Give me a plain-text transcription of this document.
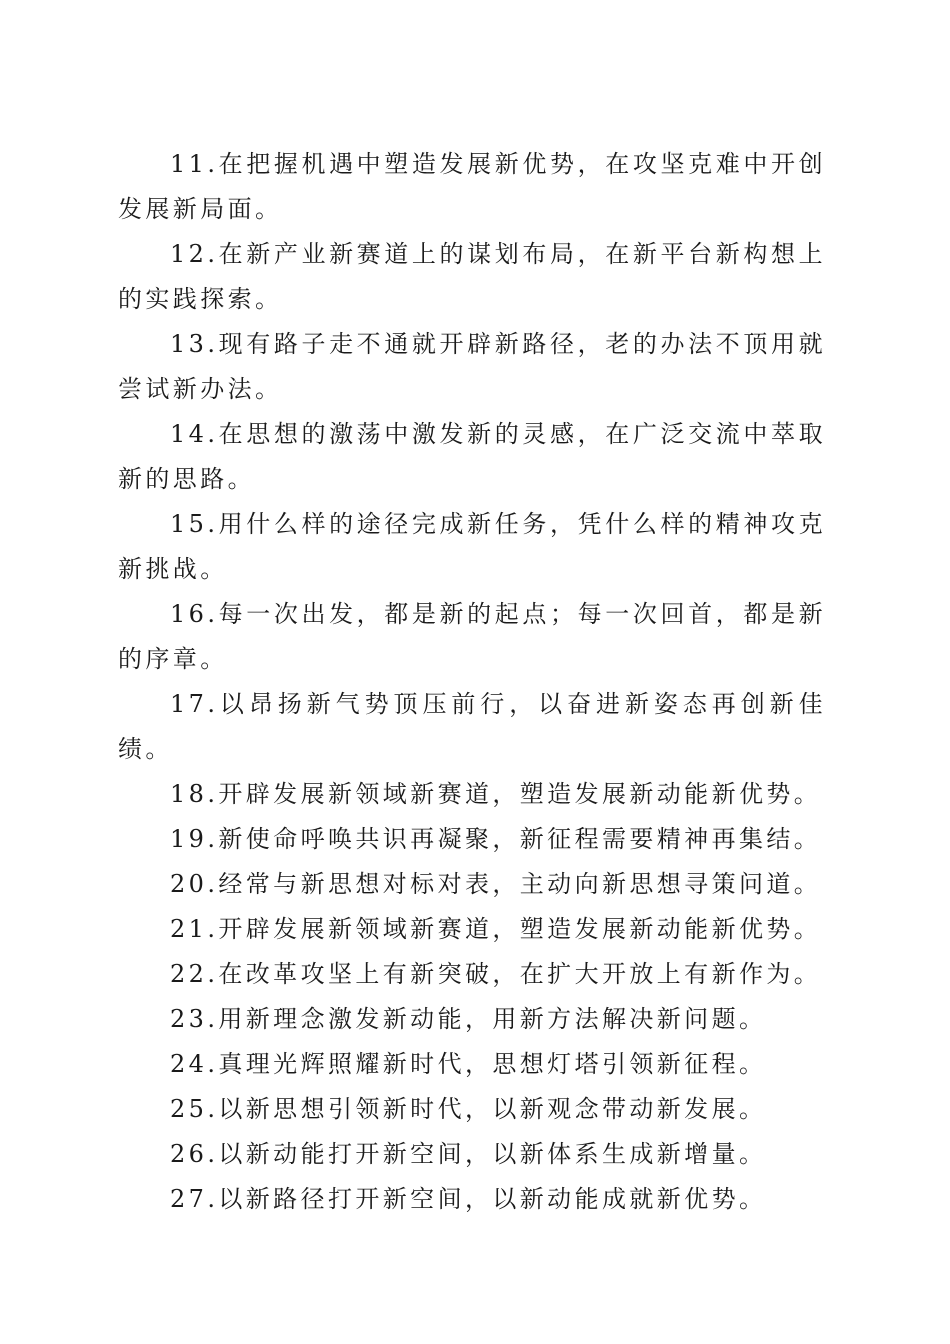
11.在把握机遇中塑造发展新优势，在攻坚克难中开创发展新局面。

12.在新产业新赛道上的谋划布局，在新平台新构想上的实践探索。

13.现有路子走不通就开辟新路径，老的办法不顶用就尝试新办法。

14.在思想的激荡中激发新的灵感，在广泛交流中萃取新的思路。

15.用什么样的途径完成新任务，凭什么样的精神攻克新挑战。

16.每一次出发，都是新的起点；每一次回首，都是新的序章。

17.以昂扬新气势顶压前行，以奋进新姿态再创新佳绩。

18.开辟发展新领域新赛道，塑造发展新动能新优势。

19.新使命呼唤共识再凝聚，新征程需要精神再集结。

20.经常与新思想对标对表，主动向新思想寻策问道。

21.开辟发展新领域新赛道，塑造发展新动能新优势。

22.在改革攻坚上有新突破，在扩大开放上有新作为。

23.用新理念激发新动能，用新方法解决新问题。

24.真理光辉照耀新时代，思想灯塔引领新征程。

25.以新思想引领新时代，以新观念带动新发展。

26.以新动能打开新空间，以新体系生成新增量。

27.以新路径打开新空间，以新动能成就新优势。
